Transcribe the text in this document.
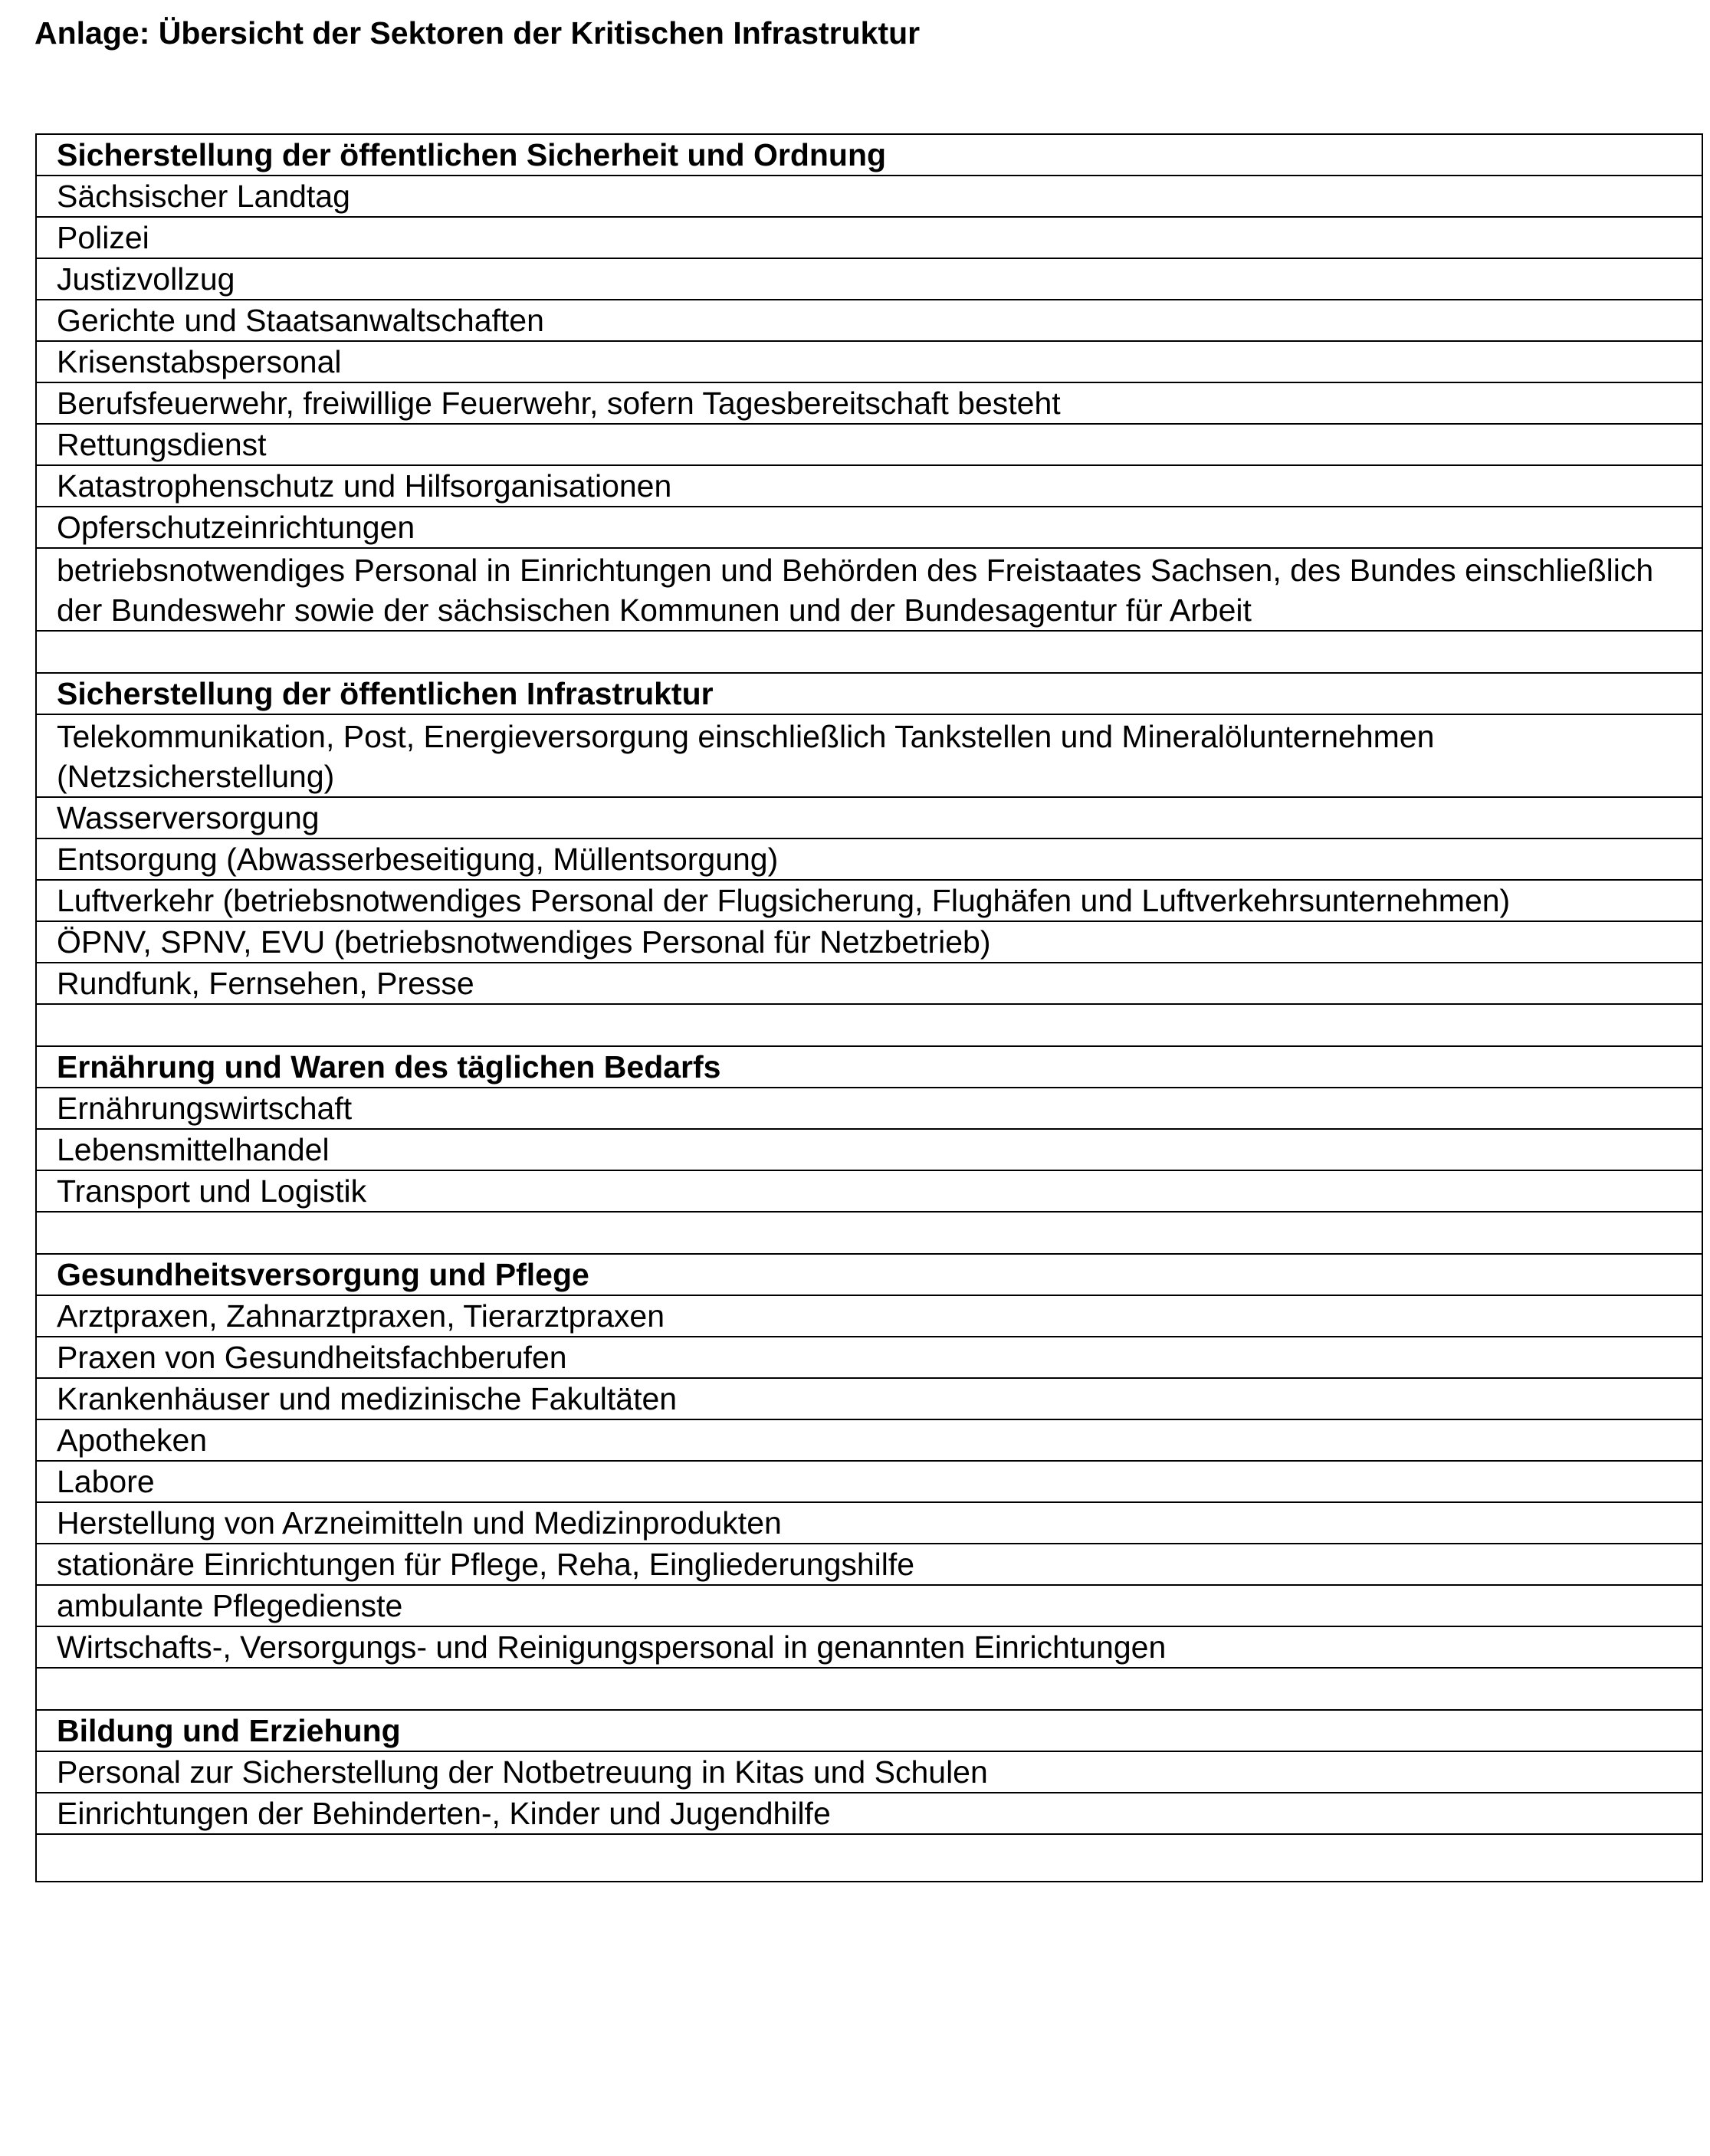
Anlage: Übersicht der Sektoren der Kritischen Infrastruktur
Sicherstellung der öffentlichen Sicherheit und Ordnung
Sächsischer Landtag
Polizei
Justizvollzug
Gerichte und Staatsanwaltschaften
Krisenstabspersonal
Berufsfeuerwehr, freiwillige Feuerwehr, sofern Tagesbereitschaft besteht
Rettungsdienst
Katastrophenschutz und Hilfsorganisationen
Opferschutzeinrichtungen
betriebsnotwendiges Personal in Einrichtungen und Behörden des Freistaates Sachsen, des Bundes einschließlich der Bundeswehr sowie der sächsischen Kommunen und der Bundesagentur für Arbeit

Sicherstellung der öffentlichen Infrastruktur
Telekommunikation, Post, Energieversorgung einschließlich Tankstellen und Mineralölunternehmen (Netzsicherstellung)
Wasserversorgung
Entsorgung (Abwasserbeseitigung, Müllentsorgung)
Luftverkehr (betriebsnotwendiges Personal der Flugsicherung, Flughäfen und Luftverkehrsunternehmen)
ÖPNV, SPNV, EVU (betriebsnotwendiges Personal für Netzbetrieb)
Rundfunk, Fernsehen, Presse

Ernährung und Waren des täglichen Bedarfs
Ernährungswirtschaft
Lebensmittelhandel
Transport und Logistik

Gesundheitsversorgung und Pflege
Arztpraxen, Zahnarztpraxen, Tierarztpraxen
Praxen von Gesundheitsfachberufen
Krankenhäuser und medizinische Fakultäten
Apotheken
Labore
Herstellung von Arzneimitteln und Medizinprodukten
stationäre Einrichtungen für Pflege, Reha, Eingliederungshilfe
ambulante Pflegedienste
Wirtschafts-, Versorgungs- und Reinigungspersonal in genannten Einrichtungen

Bildung und Erziehung
Personal zur Sicherstellung der Notbetreuung in Kitas und Schulen
Einrichtungen der Behinderten-, Kinder und Jugendhilfe
